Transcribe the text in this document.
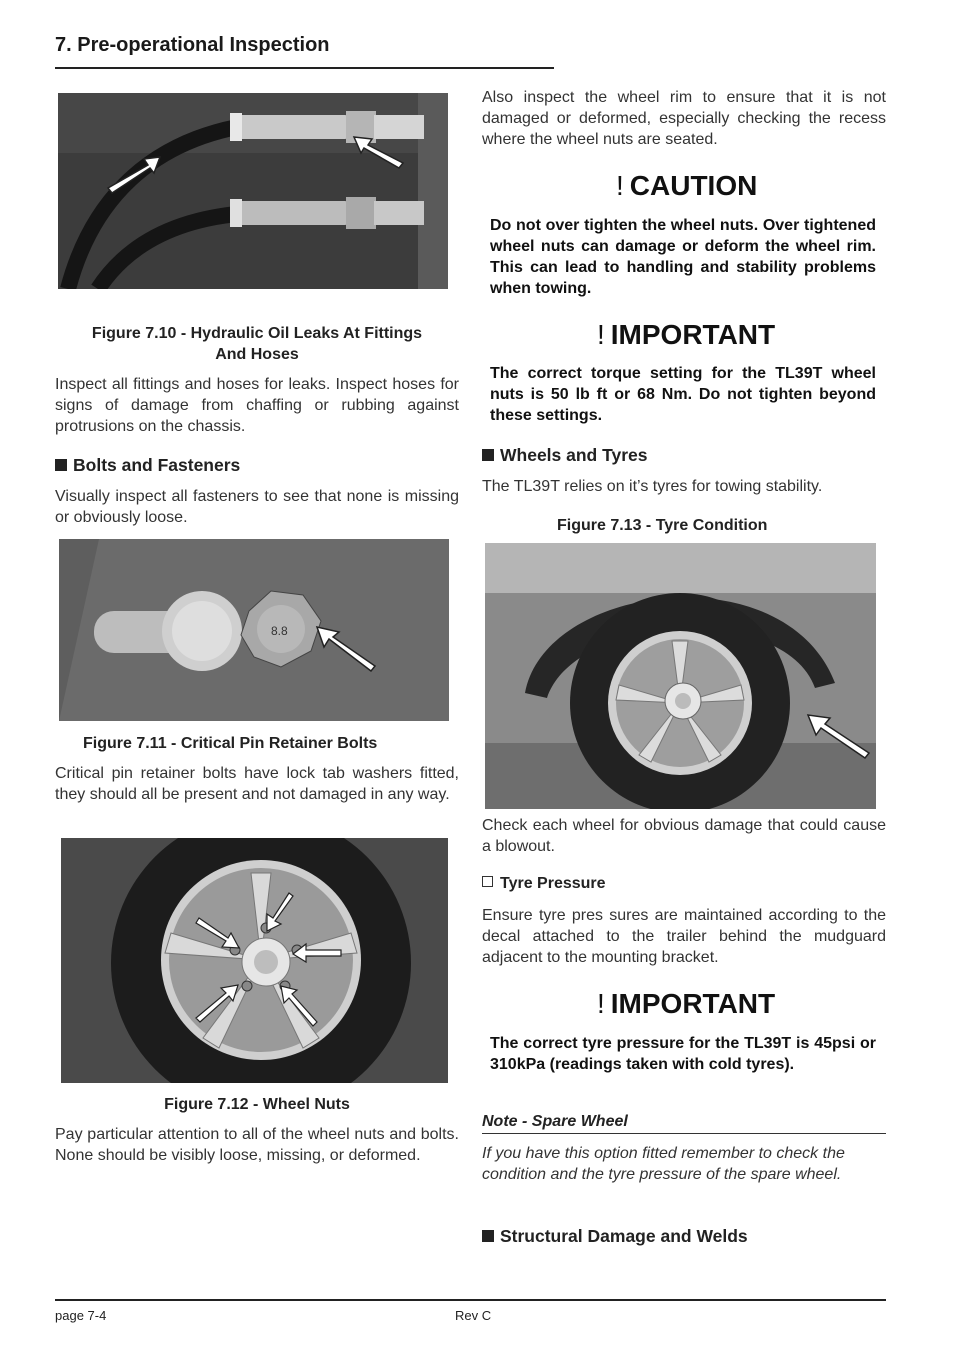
7. Pre-operational Inspection
Figure 7.10 - Hydraulic Oil Leaks At Fittings
And Hoses
Inspect all fittings and hoses for leaks. Inspect hoses for signs of damage from chaffing or rubbing against protrusions on the chassis.
Bolts and Fasteners
Visually inspect all fasteners to see that none is missing or obviously loose.
8.8
Figure 7.11 - Critical Pin Retainer Bolts
Critical pin retainer bolts have lock tab washers fitted, they should all be present and not damaged in any way.
Figure 7.12 - Wheel Nuts
Pay particular attention to all of the wheel nuts and bolts. None should be visibly loose, missing, or deformed.
Also inspect the wheel rim to ensure that it is not damaged or deformed, especially checking the recess where the wheel nuts are seated.
! CAUTION
Do not over tighten the wheel nuts. Over tightened wheel nuts can damage or deform the wheel rim. This can lead to handling and stability problems when towing.
! IMPORTANT
The correct torque setting for the TL39T wheel nuts is 50 lb ft or 68 Nm. Do not tighten beyond these settings.
Wheels and Tyres
The TL39T relies on it’s tyres for towing stability.
Figure 7.13 - Tyre Condition
Check each wheel for obvious damage that could cause a blowout.
Tyre Pressure
Ensure tyre pres sures are maintained according to the decal attached to the trailer behind the mudguard adjacent to the mounting bracket.
! IMPORTANT
The correct tyre pressure for the TL39T is 45psi or 310kPa (readings taken with cold tyres).
Note - Spare Wheel
If you have this option fitted remember to check the condition and the tyre pressure of the spare wheel.
Structural Damage and Welds
page 7-4	Rev C
